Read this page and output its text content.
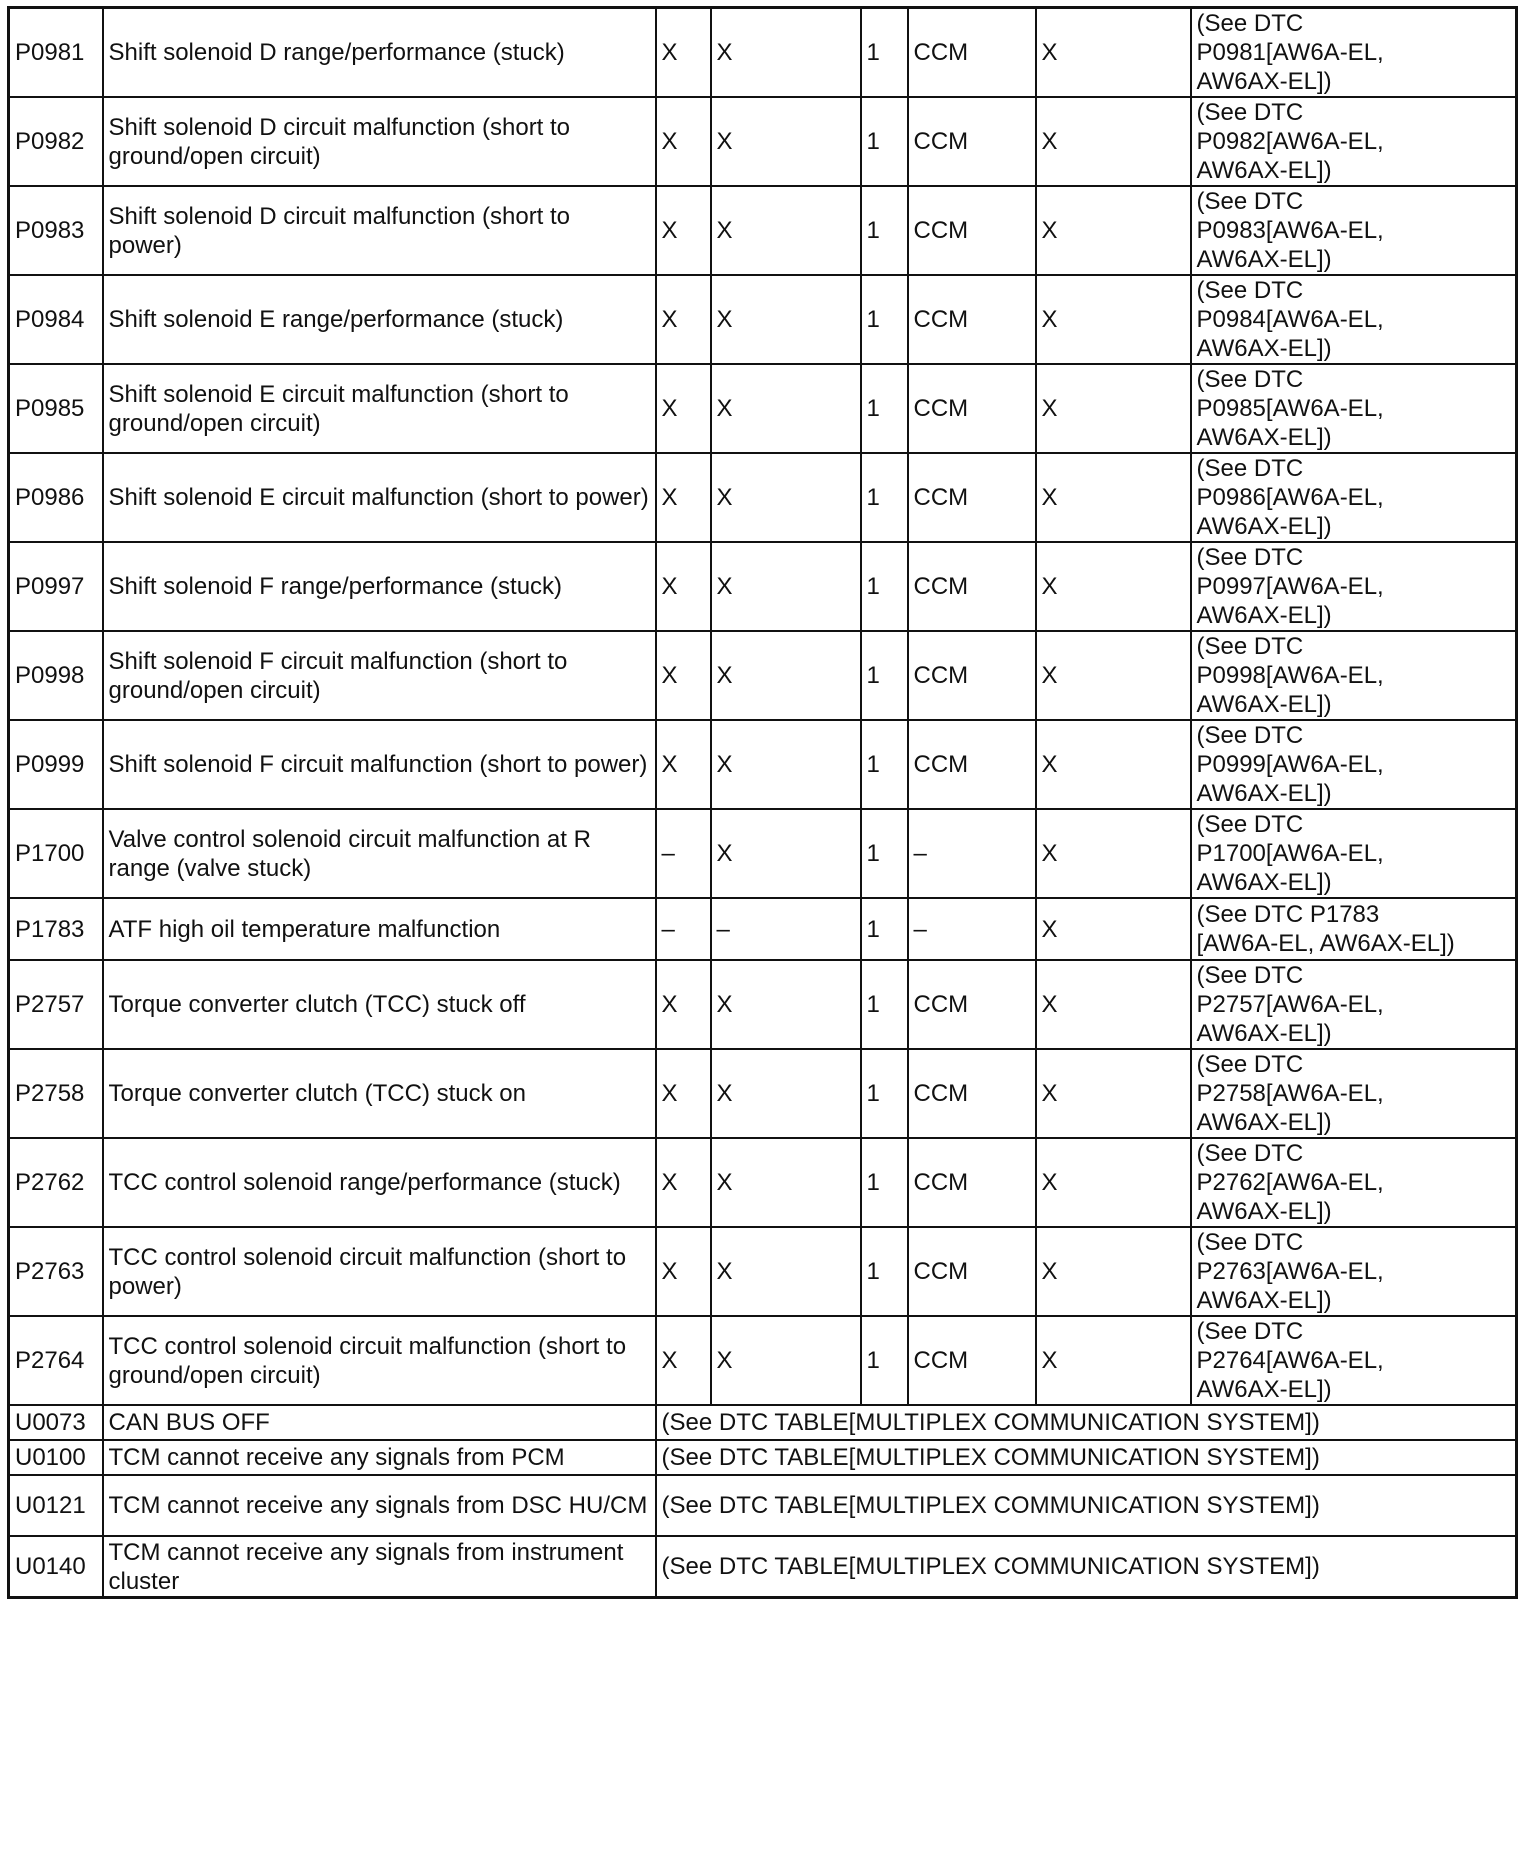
P0981	Shift solenoid D range/performance (stuck)	X	X	1	CCM	X	(See DTC
P0981[AW6A-EL,
AW6AX-EL])
P0982	Shift solenoid D circuit malfunction (short to ground/open circuit)	X	X	1	CCM	X	(See DTC
P0982[AW6A-EL,
AW6AX-EL])
P0983	Shift solenoid D circuit malfunction (short to power)	X	X	1	CCM	X	(See DTC
P0983[AW6A-EL,
AW6AX-EL])
P0984	Shift solenoid E range/performance (stuck)	X	X	1	CCM	X	(See DTC
P0984[AW6A-EL,
AW6AX-EL])
P0985	Shift solenoid E circuit malfunction (short to ground/open circuit)	X	X	1	CCM	X	(See DTC
P0985[AW6A-EL,
AW6AX-EL])
P0986	Shift solenoid E circuit malfunction (short to power)	X	X	1	CCM	X	(See DTC
P0986[AW6A-EL,
AW6AX-EL])
P0997	Shift solenoid F range/performance (stuck)	X	X	1	CCM	X	(See DTC
P0997[AW6A-EL,
AW6AX-EL])
P0998	Shift solenoid F circuit malfunction (short to ground/open circuit)	X	X	1	CCM	X	(See DTC
P0998[AW6A-EL,
AW6AX-EL])
P0999	Shift solenoid F circuit malfunction (short to power)	X	X	1	CCM	X	(See DTC
P0999[AW6A-EL,
AW6AX-EL])
P1700	Valve control solenoid circuit malfunction at R range (valve stuck)	–	X	1	–	X	(See DTC
P1700[AW6A-EL,
AW6AX-EL])
P1783	ATF high oil temperature malfunction	–	–	1	–	X	(See DTC P1783
[AW6A-EL, AW6AX-EL])
P2757	Torque converter clutch (TCC) stuck off	X	X	1	CCM	X	(See DTC
P2757[AW6A-EL,
AW6AX-EL])
P2758	Torque converter clutch (TCC) stuck on	X	X	1	CCM	X	(See DTC
P2758[AW6A-EL,
AW6AX-EL])
P2762	TCC control solenoid range/performance (stuck)	X	X	1	CCM	X	(See DTC
P2762[AW6A-EL,
AW6AX-EL])
P2763	TCC control solenoid circuit malfunction (short to power)	X	X	1	CCM	X	(See DTC
P2763[AW6A-EL,
AW6AX-EL])
P2764	TCC control solenoid circuit malfunction (short to ground/open circuit)	X	X	1	CCM	X	(See DTC
P2764[AW6A-EL,
AW6AX-EL])
U0073	CAN BUS OFF	(See DTC TABLE[MULTIPLEX COMMUNICATION SYSTEM])					
U0100	TCM cannot receive any signals from PCM	(See DTC TABLE[MULTIPLEX COMMUNICATION SYSTEM])					
U0121	TCM cannot receive any signals from DSC HU/CM	(See DTC TABLE[MULTIPLEX COMMUNICATION SYSTEM])					
U0140	TCM cannot receive any signals from instrument cluster	(See DTC TABLE[MULTIPLEX COMMUNICATION SYSTEM])					
